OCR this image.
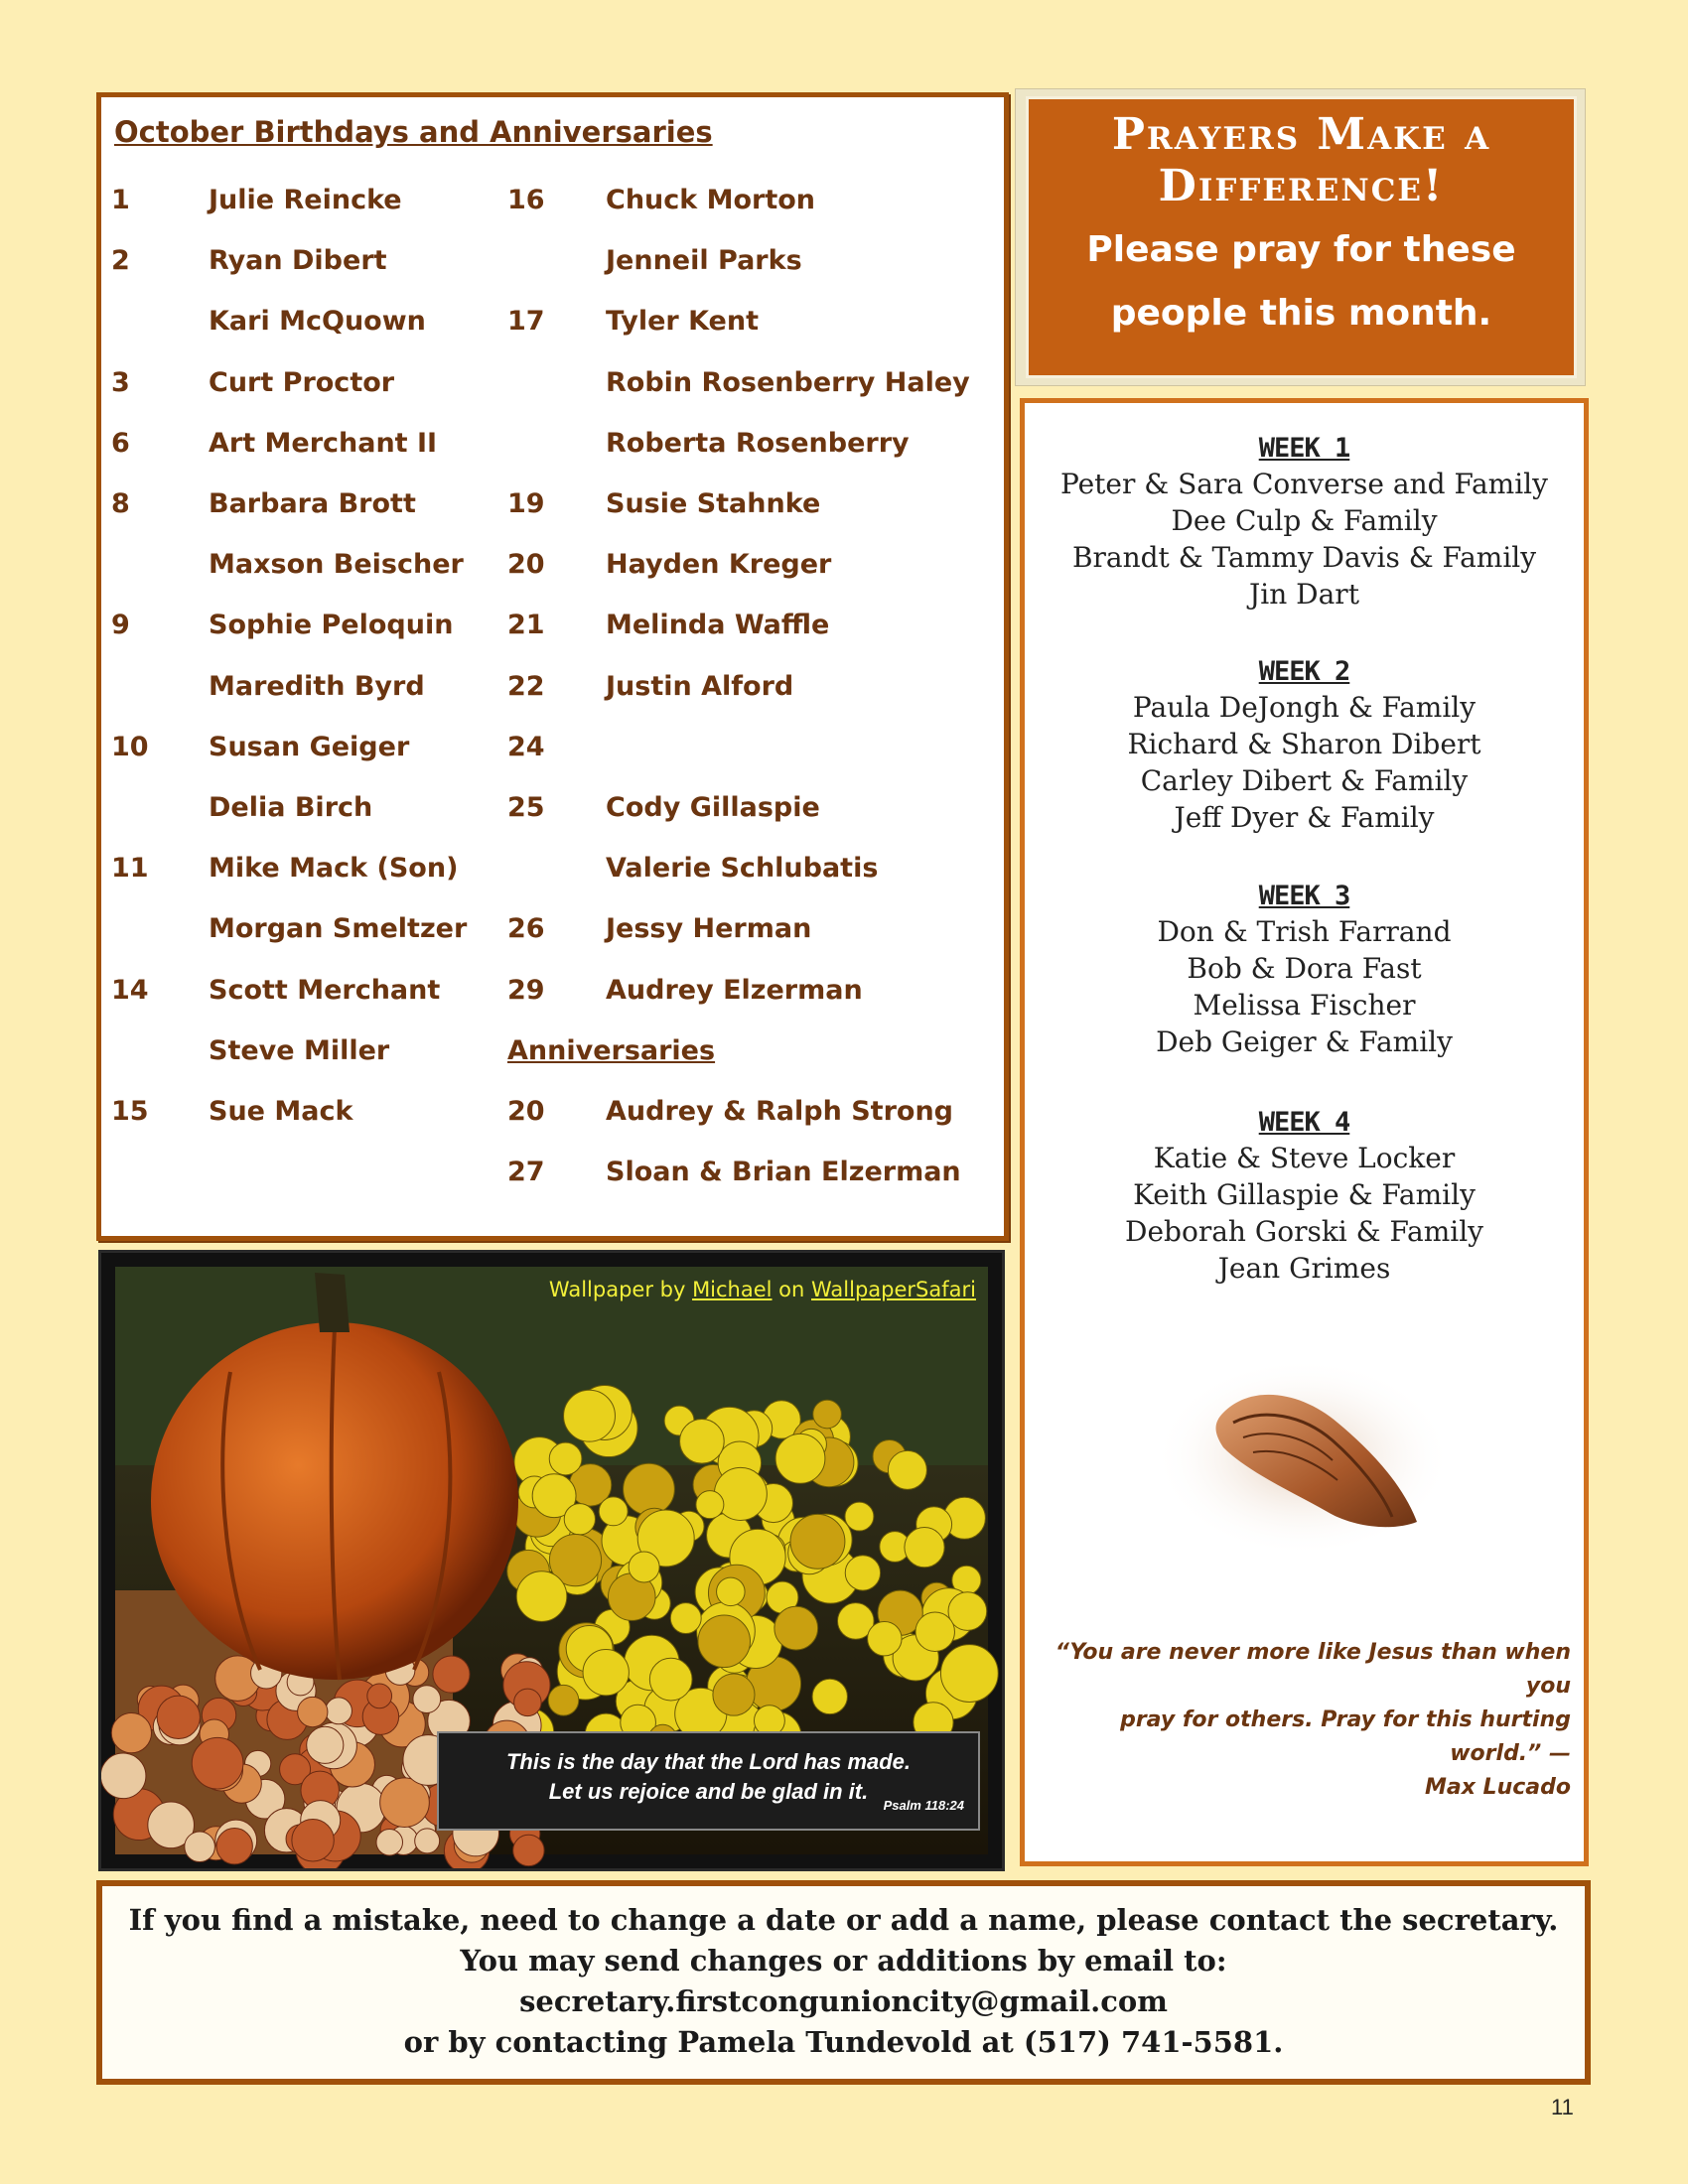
October Birthdays and Anniversaries
1	Julie Reincke
2	Ryan Dibert
Kari McQuown
3	Curt Proctor
6	Art Merchant II
8	Barbara Brott
Maxson Beischer
9	Sophie Peloquin
Maredith Byrd
10 Susan Geiger
Delia Birch
11 Mike Mack (Son)
Morgan Smeltzer
14 Scott Merchant
Steve Miller
15 Sue Mack
16 Chuck Morton
Jenneil Parks
17 Tyler Kent
Robin Rosenberry Haley
Roberta Rosenberry
19 Susie Stahnke
20 Hayden Kreger
21 Melinda Waffle
22 Justin Alford
24
25 Cody Gillaspie
Valerie Schlubatis
26 Jessy Herman
29 Audrey Elzerman
Anniversaries
20 Audrey & Ralph Strong
27 Sloan & Brian Elzerman
Prayers Make a Difference!
Please pray for these people this month.
WEEK 1
Peter & Sara Converse and Family
Dee Culp & Family
Brandt & Tammy Davis & Family
Jin Dart
WEEK 2
Paula DeJongh & Family
Richard & Sharon Dibert
Carley Dibert & Family
Jeff Dyer & Family
WEEK 3
Don & Trish Farrand
Bob & Dora Fast
Melissa Fischer
Deb Geiger & Family
WEEK 4
Katie & Steve Locker
Keith Gillaspie & Family
Deborah Gorski & Family
Jean Grimes
“You are never more like Jesus than when you
pray for others. Pray for this hurting world.” —
Max Lucado
Wallpaper by Michael on WallpaperSafari
This is the day that the Lord has made.
Let us rejoice and be glad in it.
Psalm 118:24
If you find a mistake, need to change a date or add a name, please contact the secretary.
You may send changes or additions by email to:
secretary.firstcongunioncity@gmail.com
or by contacting Pamela Tundevold at (517) 741-5581.
11
